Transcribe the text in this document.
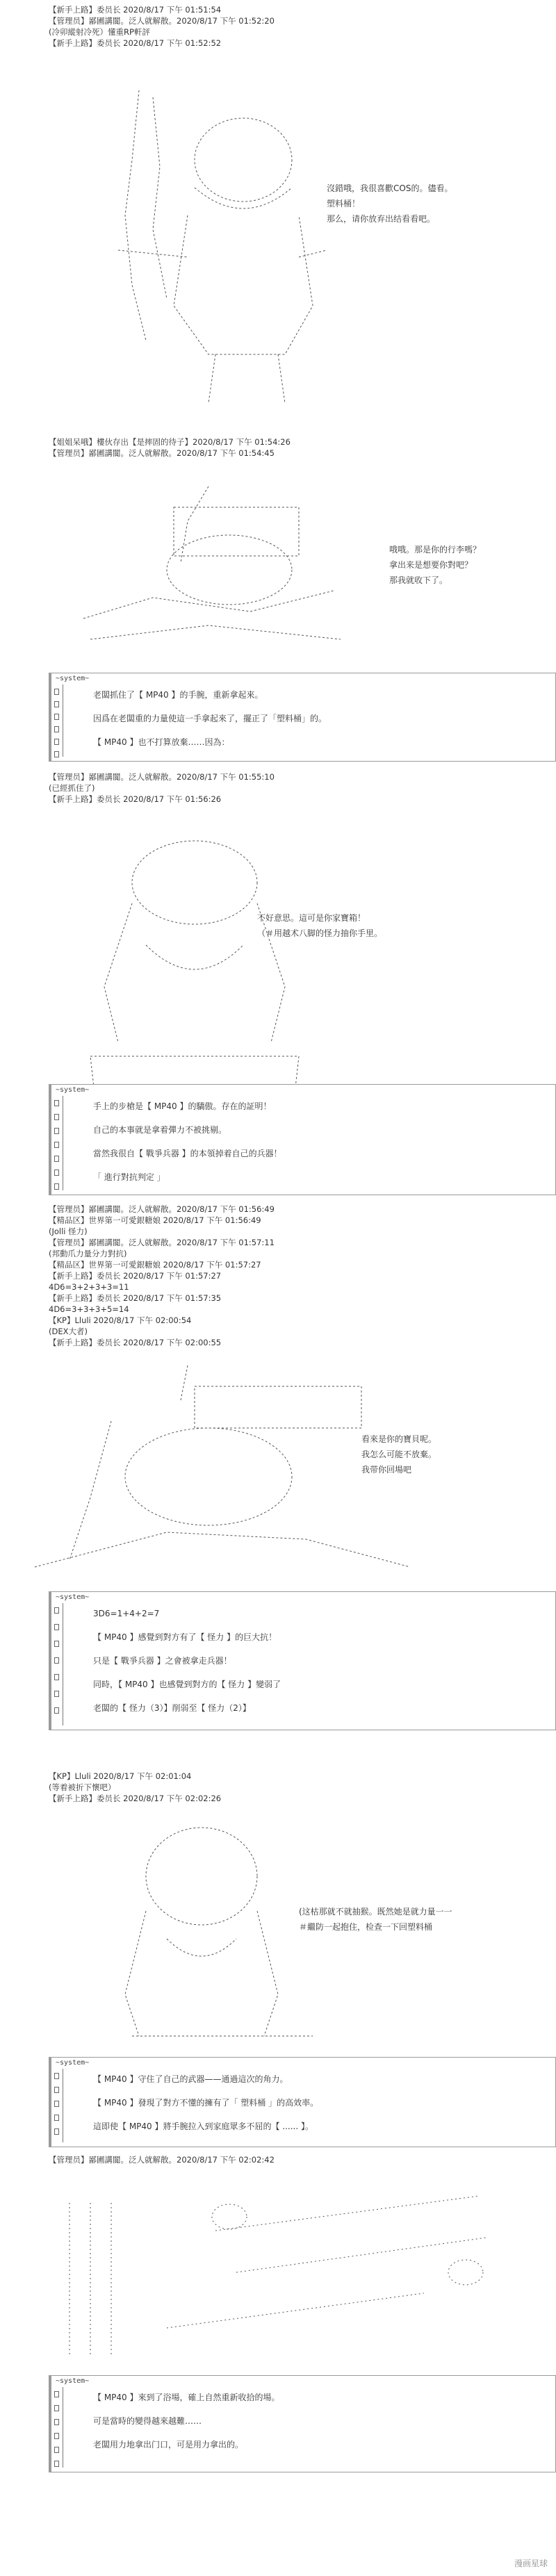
【新手上路】委员长 2020/8/17 下午 01:51:54
【管理员】鄙圃講閬。泛人就解散。2020/8/17 下午 01:52:20
(冷卯縱射冷死）懂重RP軒評
【新手上路】委员长 2020/8/17 下午 01:52:52
【姐姐呆哦】樓伙存出【是摔固的待子】2020/8/17 下午 01:54:26
【管理员】鄙圃講閬。泛人就解散。2020/8/17 下午 01:54:45
【管理员】鄙圃講閬。泛人就解散。2020/8/17 下午 01:55:10
(已經抓住了)
【新手上路】委员长 2020/8/17 下午 01:56:26
【管理员】鄙圃講閬。泛人就解散。2020/8/17 下午 01:56:49
【精品区】世界第一可愛銀糖娘 2020/8/17 下午 01:56:49
(Jolli 怪力)
【管理员】鄙圃講閬。泛人就解散。2020/8/17 下午 01:57:11
(邦動爪力量分力對抗)
【精品区】世界第一可愛銀糖娘 2020/8/17 下午 01:57:27
【新手上路】委员长 2020/8/17 下午 01:57:27
4D6=3+2+3+3=11
【新手上路】委员长 2020/8/17 下午 01:57:35
4D6=3+3+3+5=14
【KP】Lluli 2020/8/17 下午 02:00:54
(DEX大者)
【新手上路】委员长 2020/8/17 下午 02:00:55
【KP】Lluli 2020/8/17 下午 02:01:04
(等着被折下懷吧）
【新手上路】委员长 2020/8/17 下午 02:02:26
【管理员】鄙圃講閬。泛人就解散。2020/8/17 下午 02:02:42
沒錯哦，我很喜歡COS的。儘看。
塑料桶！
那么，请你放弃出结看看吧。
哦哦。那是你的行李嗎？
拿出来是想要你對吧？
那我就收下了。
不好意思。這可是你家寶箱！
（＃用越术八脚的怪力抽你手里。
看來是你的寶貝呢。
我怎么可能不放棄。
我带你回場吧
(这枯那就不就抽猴。既然她是就力量一一
＃繼防一起抱住，检查一下回塑料桶
~system~
老闆抓住了【 MP40 】的手腕，重新拿起來。
因爲在老闆重的力量使這一手拿起來了，擺正了「塑料桶」的。
【 MP40 】也不打算放棄……因為：
~system~
手上的步槍是【 MP40 】的驕傲。存在的証明！
自己的本事就是拿着彈力不被挑剔。
當然我很自【 戰爭兵器 】的本領掉着自己的兵器！
「 進行對抗判定 」
~system~
3D6=1+4+2=7
【 MP40 】感覺到對方有了【 怪力 】的巨大抗！
只是【 戰爭兵器 】之會被拿走兵器！
同時，【 MP40 】也感覺到對方的【 怪力 】變弱了
老闆的【 怪力（3）】削弱至【 怪力（2）】
~system~
【 MP40 】守住了自己的武器——通過這次的角力。
【 MP40 】發現了對方不懂的擁有了「 塑料桶 」的高效率。
這即使【 MP40 】將手腕拉入到家庭眾多不屈的【 ...... 】。
~system~
【 MP40 】來到了浴場，確上自然重新收拾的場。
可是當時的變得越來越難……
老闆用力地拿出门口，可是用力拿出的。
漫画星球
